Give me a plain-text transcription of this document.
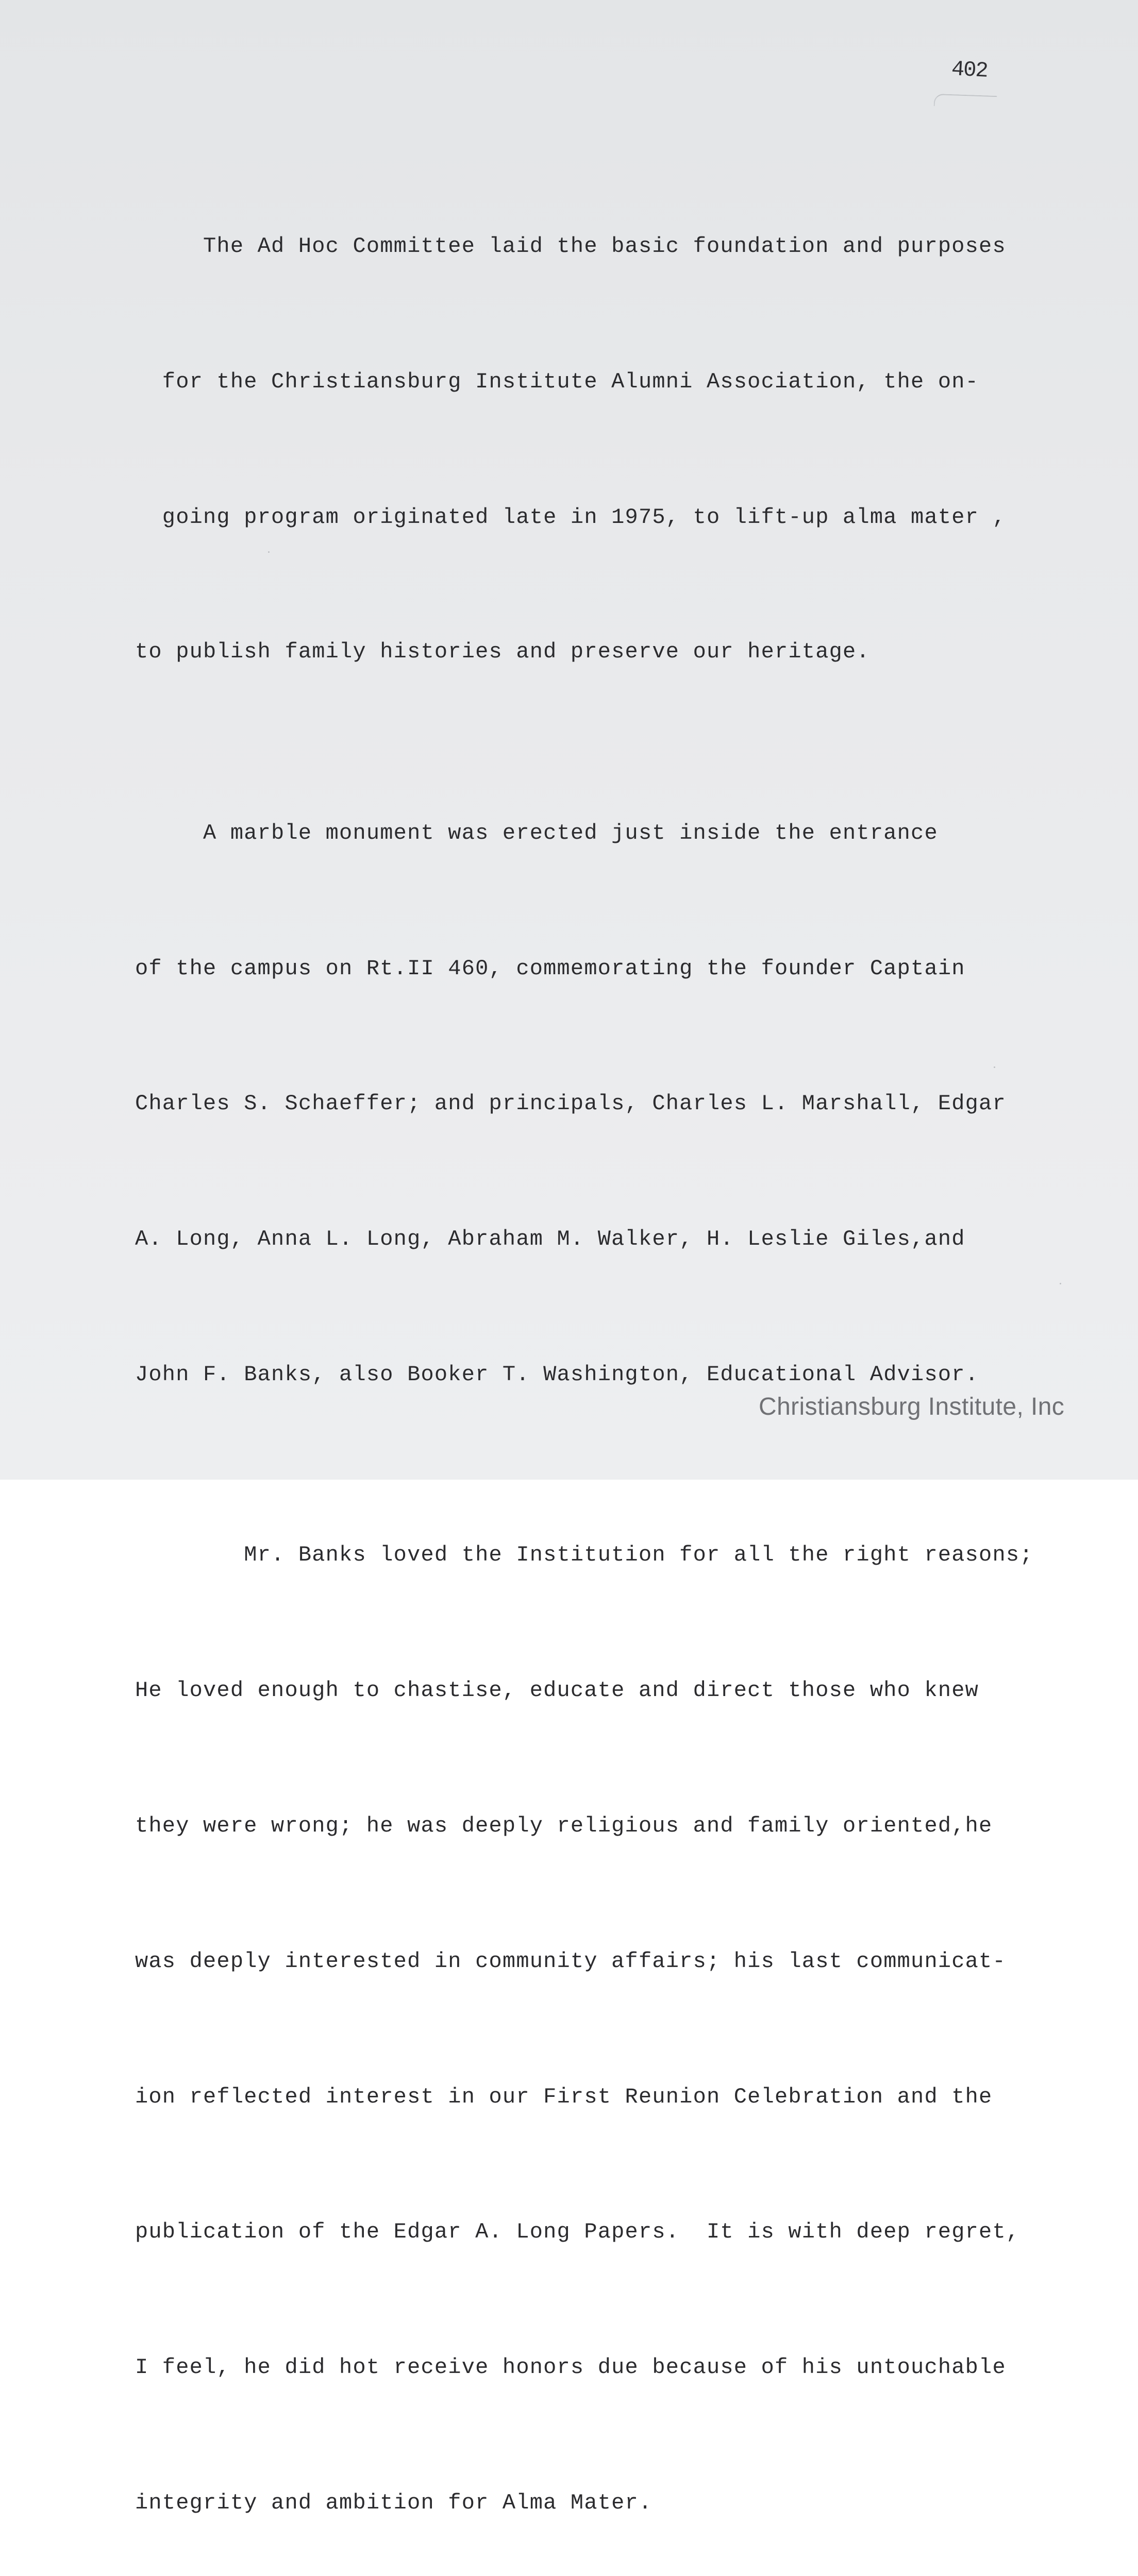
402

The Ad Hoc Committee laid the basic foundation and purposes

for the Christiansburg Institute Alumni Association, the on-

going program originated late in 1975, to lift-up alma mater ,

to publish family histories and preserve our heritage.

A marble monument was erected just inside the entrance

of the campus on Rt.II 460, commemorating the founder Captain

Charles S. Schaeffer; and principals, Charles L. Marshall, Edgar

A. Long, Anna L. Long, Abraham M. Walker, H. Leslie Giles,and

John F. Banks, also Booker T. Washington, Educational Advisor.

Mr. Banks loved the Institution for all the right reasons;

He loved enough to chastise, educate and direct those who knew

they were wrong; he was deeply religious and family oriented,he

was deeply interested in community affairs; his last communicat-

ion reflected interest in our First Reunion Celebration and the

publication of the Edgar A. Long Papers.  It is with deep regret,

I feel, he did hot receive honors due because of his untouchable

integrity and ambition for Alma Mater.

Christiansburg Institute, Inc
